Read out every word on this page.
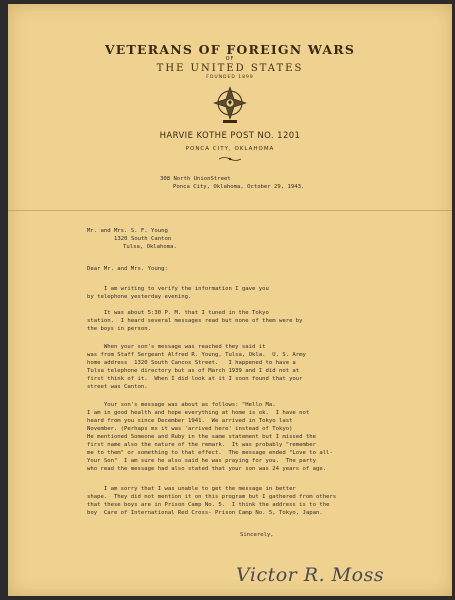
VETERANS OF FOREIGN WARS
OF
THE UNITED STATES
FOUNDED 1899
HARVIE KOTHE POST NO. 1201
PONCA CITY, OKLAHOMA
308 North UnionStreet
Ponca City, Oklahoma, October 29, 1943.
Mr. and Mrs. S. F. Young
1320 South Canton
Tulsa, Oklahoma.
Dear Mr. and Mrs. Young:
I am writing to verify the information I gave you
by telephone yesterday evening.
It was about 5:30 P. M. that I tuned in the Tokyo
station.  I heard several messages read but none of them were by
the boys in person.
When your son's message was reached they said it
was from Staff Sergeant Alfred R. Young, Tulsa, Okla.  U. S. Army
home address  1320 South Cancos Street.   I happened to have a
Tulsa telephone directory but as of March 1939 and I did not at
first think of it.  When I did look at it I soon found that your
street was Canton.
Your son's message was about as follows: "Hello Ma.
I am in good health and hope everything at home is ok.  I have not
heard from you since December 1941.  We arrived in Tokyo last
November. (Perhaps mx it was 'arrived here' instead of Tokyo)
He mentioned Someone and Ruby in the same statement but I missed the
first name also the nature of the remark.  It was probably "remember
me to them" or something to that effect.  The message ended "Love to all-
Your Son"  I am sure he also said he was praying for you.  The party
who read the message had also stated that your son was 24 years of age.
I am sorry that I was unable to get the message in better
shape.  They did not mention it on this program but I gathered from others
that these boys are in Prison Camp No. 5.  I think the address is to the
boy  Care of International Red Cross- Prison Camp No. 5, Tokyo, Japan.
Sincerely,
Victor R. Moss
